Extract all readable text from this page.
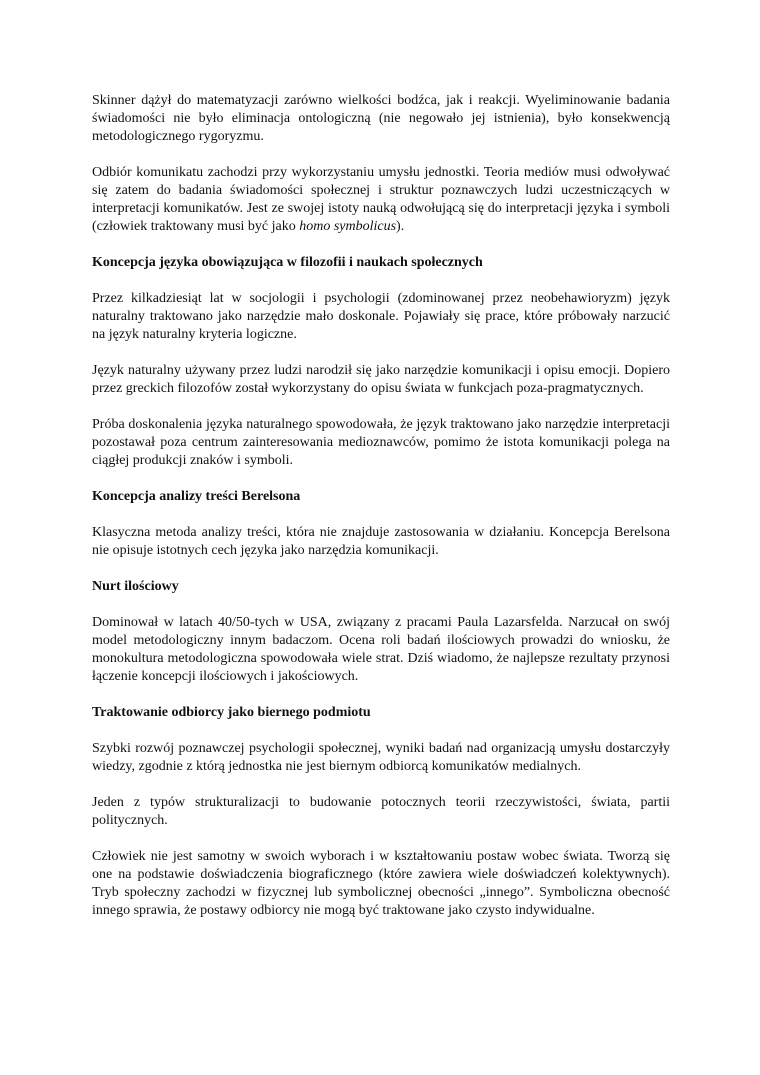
Skinner dążył do matematyzacji zarówno wielkości bodźca, jak i reakcji. Wyeliminowanie badania świadomości nie było eliminacja ontologiczną (nie negowało jej istnienia), było konsekwencją metodologicznego rygoryzmu.

Odbiór komunikatu zachodzi przy wykorzystaniu umysłu jednostki. Teoria mediów musi odwoływać się zatem do badania świadomości społecznej i struktur poznawczych ludzi uczestniczących w interpretacji komunikatów. Jest ze swojej istoty nauką odwołującą się do interpretacji języka i symboli (człowiek traktowany musi być jako homo symbolicus).

Koncepcja języka obowiązująca w filozofii i naukach społecznych

Przez kilkadziesiąt lat w socjologii i psychologii (zdominowanej przez neobehawioryzm) język naturalny traktowano jako narzędzie mało doskonale. Pojawiały się prace, które próbowały narzucić na język naturalny kryteria logiczne.

Język naturalny używany przez ludzi narodził się jako narzędzie komunikacji i opisu emocji. Dopiero przez greckich filozofów został wykorzystany do opisu świata w funkcjach poza-pragmatycznych.

Próba doskonalenia języka naturalnego spowodowała, że język traktowano jako narzędzie interpretacji pozostawał poza centrum zainteresowania medioznawców, pomimo że istota komunikacji polega na ciągłej produkcji znaków i symboli.

Koncepcja analizy treści Berelsona

Klasyczna metoda analizy treści, która nie znajduje zastosowania w działaniu. Koncepcja Berelsona nie opisuje istotnych cech języka jako narzędzia komunikacji.

Nurt ilościowy

Dominował w latach 40/50-tych w USA, związany z pracami Paula Lazarsfelda. Narzucał on swój model metodologiczny innym badaczom. Ocena roli badań ilościowych prowadzi do wniosku, że monokultura metodologiczna spowodowała wiele strat. Dziś wiadomo, że najlepsze rezultaty przynosi łączenie koncepcji ilościowych i jakościowych.

Traktowanie odbiorcy jako biernego podmiotu

Szybki rozwój poznawczej psychologii społecznej, wyniki badań nad organizacją umysłu dostarczyły wiedzy, zgodnie z którą jednostka nie jest biernym odbiorcą komunikatów medialnych.

Jeden z typów strukturalizacji to budowanie potocznych teorii rzeczywistości, świata, partii politycznych.

Człowiek nie jest samotny w swoich wyborach i w kształtowaniu postaw wobec świata. Tworzą się one na podstawie doświadczenia biograficznego (które zawiera wiele doświadczeń kolektywnych). Tryb społeczny zachodzi w fizycznej lub symbolicznej obecności „innego”. Symboliczna obecność innego sprawia, że postawy odbiorcy nie mogą być traktowane jako czysto indywidualne.
